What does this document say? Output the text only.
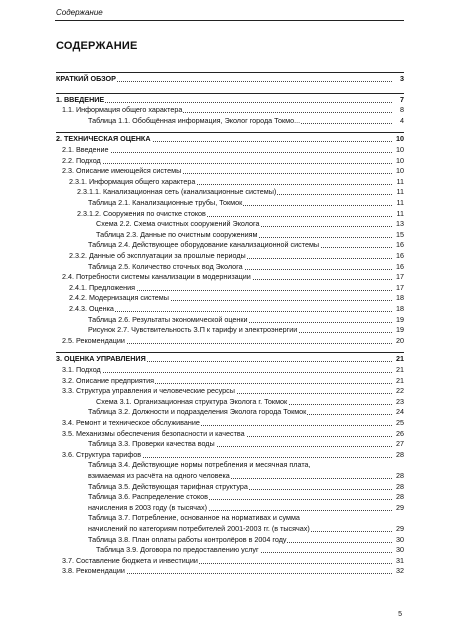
Содержание
СОДЕРЖАНИЕ
КРАТКИЙ ОБЗОР	3
1. ВВЕДЕНИЕ	7
1.1. Информация общего характера	8
Таблица 1.1. Обобщённая информация, Эколог города Токмо...	4
2. ТЕХНИЧЕСКАЯ ОЦЕНКА	10
2.1. Введение	10
2.2. Подход	10
2.3. Описание имеющейся системы	10
2.3.1. Информация общего характера	11
2.3.1.1. Канализационная сеть (канализационные системы)	11
Таблица 2.1. Канализационные трубы, Токмок	11
2.3.1.2. Сооружения по очистке стоков	11
Схема 2.2. Схема очистных сооружений Эколога	13
Таблица 2.3. Данные по очистным сооружениям	15
Таблица 2.4. Действующее оборудование канализационной системы	16
2.3.2. Данные об эксплуатации за прошлые периоды	16
Таблица 2.5. Количество сточных вод Эколога	16
2.4. Потребности системы канализации в модернизации	17
2.4.1. Предложения	17
2.4.2. Модернизация системы	18
2.4.3. Оценка	18
Таблица 2.6. Результаты экономической оценки	19
Рисунок 2.7. Чувствительность З.П к тарифу и электроэнергии	19
2.5. Рекомендации	20
3. ОЦЕНКА УПРАВЛЕНИЯ	21
3.1. Подход	21
3.2. Описание предприятия	21
3.3. Структура управления и человеческие ресурсы	22
Схема 3.1. Организационная структура Эколога г. Токмок	23
Таблица 3.2. Должности и подразделения Эколога города Токмок	24
3.4. Ремонт и техническое обслуживание	25
3.5. Механизмы обеспечения безопасности и качества	26
Таблица 3.3. Проверки качества воды	27
3.6. Структура тарифов	28
Таблица 3.4. Действующие нормы потребления и месячная плата,
взимаемая из расчёта на одного человека	28
Таблица 3.5. Действующая тарифная структура	28
Таблица 3.6. Распределение стоков	28
начисления в 2003 году (в тысячах)	29
Таблица 3.7. Потребление, основанное на нормативах и сумма
начислений по категориям потребителей 2001-2003 гг. (в тысячах)	29
Таблица 3.8. План оплаты работы контролёров в 2004 году	30
Таблица 3.9. Договора по предоставлению услуг	30
3.7. Составление бюджета и инвестиции	31
3.8. Рекомендации	32
5
